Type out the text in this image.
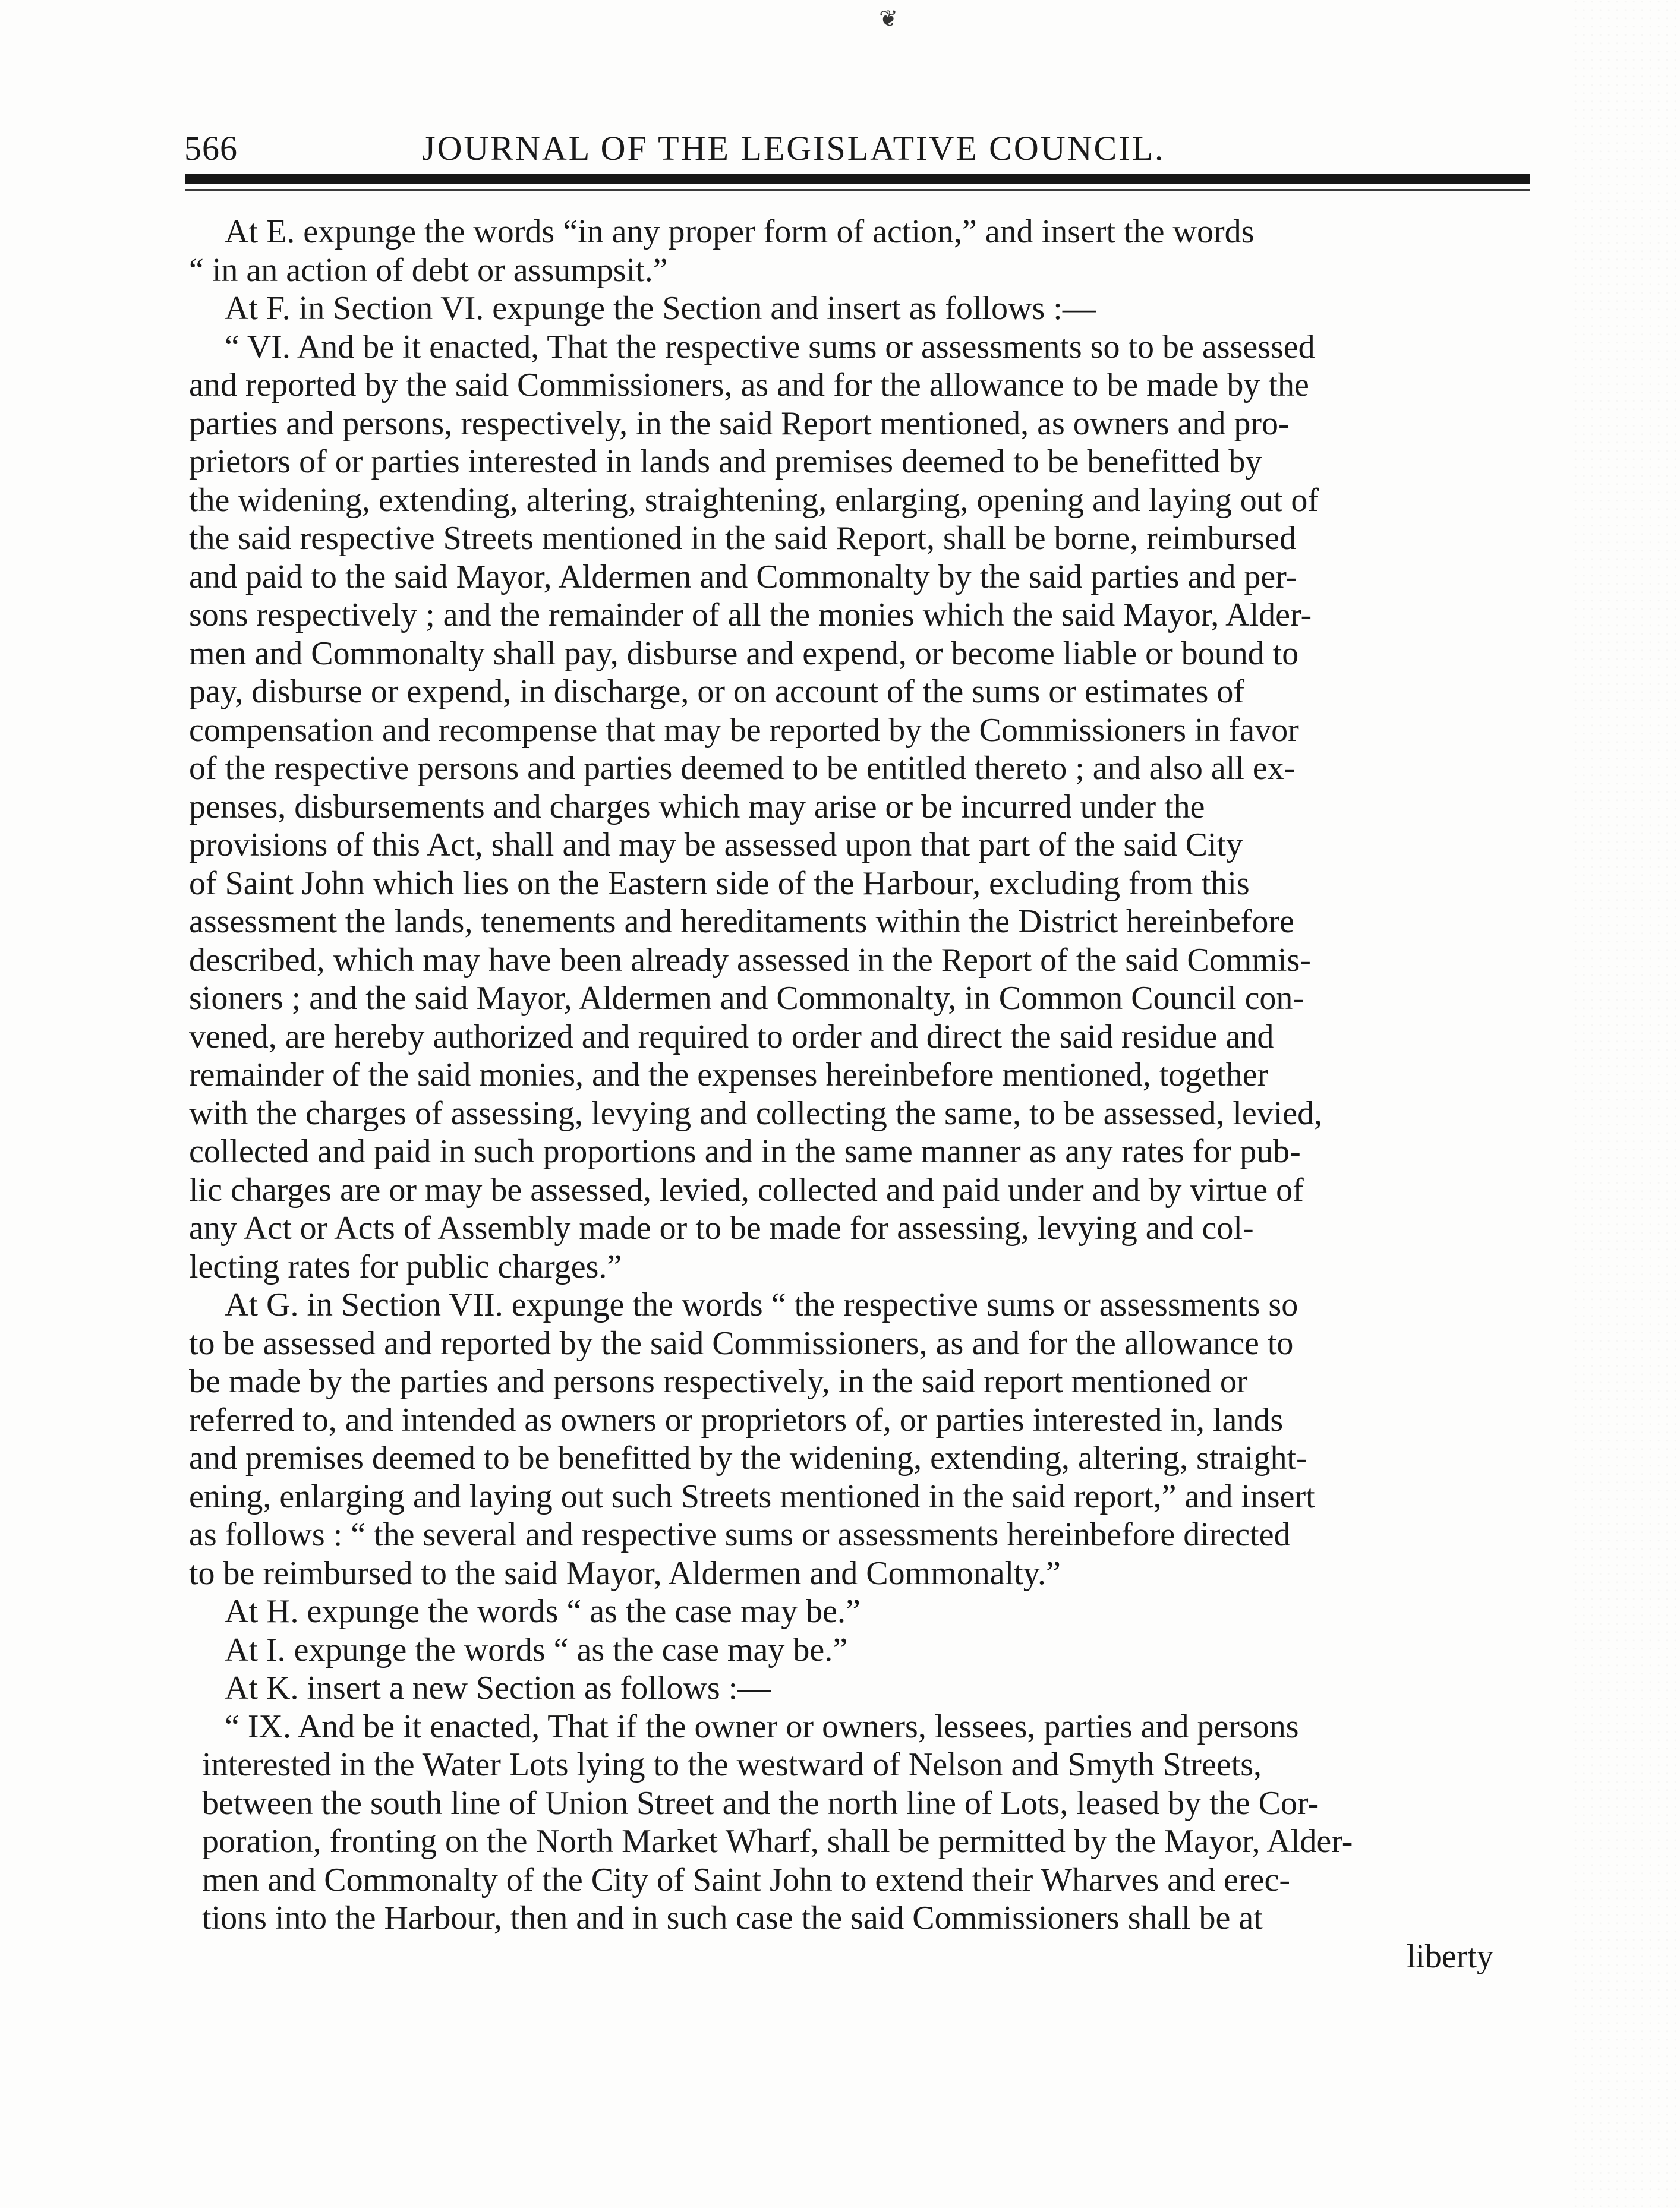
❦
566	JOURNAL OF THE LEGISLATIVE COUNCIL.
At E. expunge the words “in any proper form of action,” and insert the words
“ in an action of debt or assumpsit.”
At F. in Section VI. expunge the Section and insert as follows :—
“ VI. And be it enacted, That the respective sums or assessments so to be assessed
and reported by the said Commissioners, as and for the allowance to be made by the
parties and persons, respectively, in the said Report mentioned, as owners and pro-
prietors of or parties interested in lands and premises deemed to be benefitted by
the widening, extending, altering, straightening, enlarging, opening and laying out of
the said respective Streets mentioned in the said Report, shall be borne, reimbursed
and paid to the said Mayor, Aldermen and Commonalty by the said parties and per-
sons respectively ; and the remainder of all the monies which the said Mayor, Alder-
men and Commonalty shall pay, disburse and expend, or become liable or bound to
pay, disburse or expend, in discharge, or on account of the sums or estimates of
compensation and recompense that may be reported by the Commissioners in favor
of the respective persons and parties deemed to be entitled thereto ; and also all ex-
penses, disbursements and charges which may arise or be incurred under the
provisions of this Act, shall and may be assessed upon that part of the said City
of Saint John which lies on the Eastern side of the Harbour, excluding from this
assessment the lands, tenements and hereditaments within the District hereinbefore
described, which may have been already assessed in the Report of the said Commis-
sioners ; and the said Mayor, Aldermen and Commonalty, in Common Council con-
vened, are hereby authorized and required to order and direct the said residue and
remainder of the said monies, and the expenses hereinbefore mentioned, together
with the charges of assessing, levying and collecting the same, to be assessed, levied,
collected and paid in such proportions and in the same manner as any rates for pub-
lic charges are or may be assessed, levied, collected and paid under and by virtue of
any Act or Acts of Assembly made or to be made for assessing, levying and col-
lecting rates for public charges.”
At G. in Section VII. expunge the words “ the respective sums or assessments so
to be assessed and reported by the said Commissioners, as and for the allowance to
be made by the parties and persons respectively, in the said report mentioned or
referred to, and intended as owners or proprietors of, or parties interested in, lands
and premises deemed to be benefitted by the widening, extending, altering, straight-
ening, enlarging and laying out such Streets mentioned in the said report,” and insert
as follows : “ the several and respective sums or assessments hereinbefore directed
to be reimbursed to the said Mayor, Aldermen and Commonalty.”
At H. expunge the words “ as the case may be.”
At I. expunge the words “ as the case may be.”
At K. insert a new Section as follows :—
“ IX. And be it enacted, That if the owner or owners, lessees, parties and persons
interested in the Water Lots lying to the westward of Nelson and Smyth Streets,
between the south line of Union Street and the north line of Lots, leased by the Cor-
poration, fronting on the North Market Wharf, shall be permitted by the Mayor, Alder-
men and Commonalty of the City of Saint John to extend their Wharves and erec-
tions into the Harbour, then and in such case the said Commissioners shall be at
liberty
